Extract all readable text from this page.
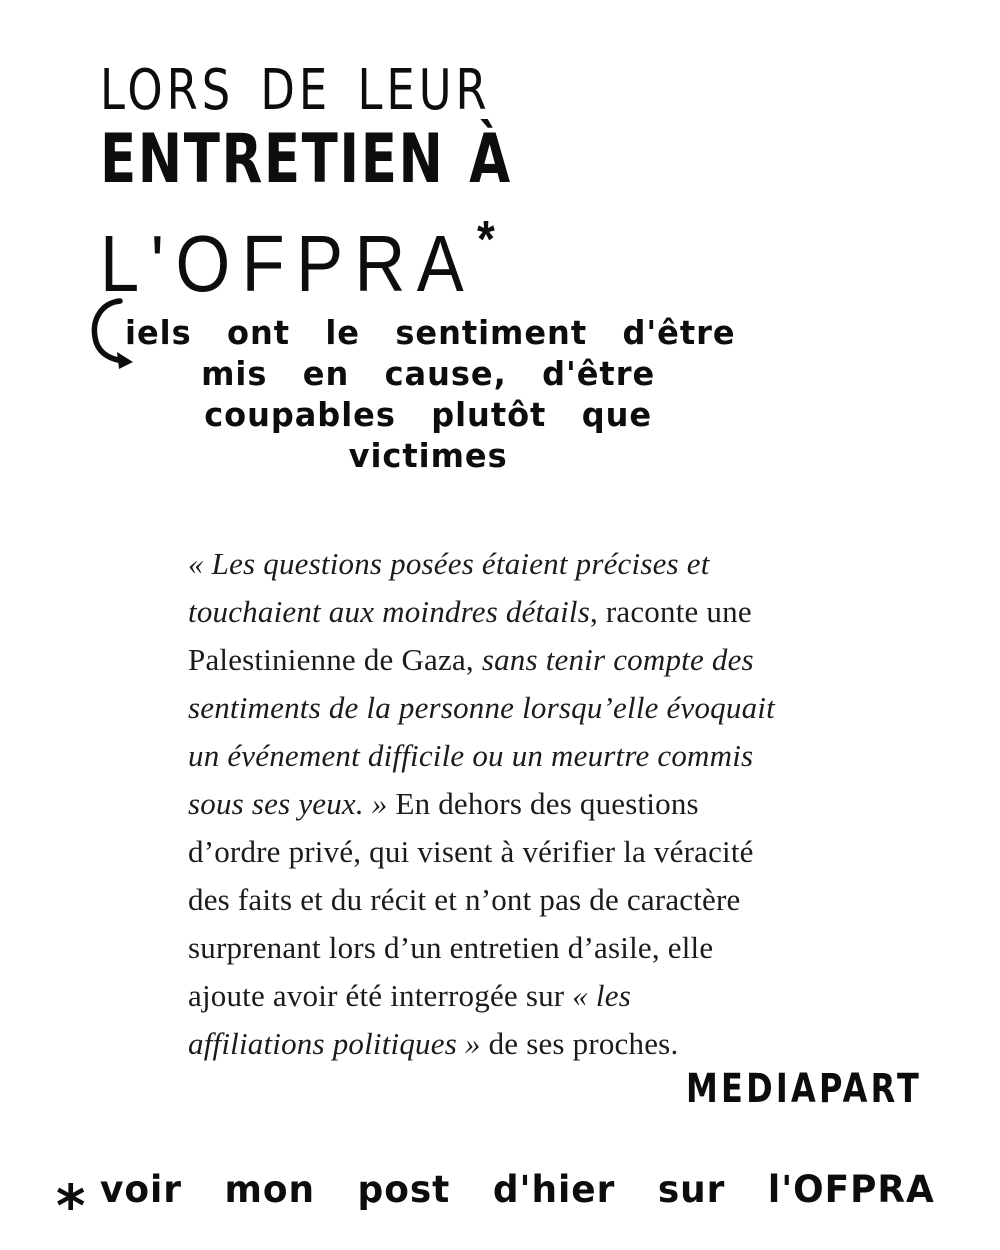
LORS DE LEUR
ENTRETIEN À
L'OFPRA*
iels ont le sentiment d'être
mis en cause, d'être
coupables plutôt que
victimes
« Les questions posées étaient précises et
touchaient aux moindres détails, raconte une
Palestinienne de Gaza, sans tenir compte des
sentiments de la personne lorsqu’elle évoquait
un événement difficile ou un meurtre commis
sous ses yeux. » En dehors des questions
d’ordre privé, qui visent à vérifier la véracité
des faits et du récit et n’ont pas de caractère
surprenant lors d’un entretien d’asile, elle
ajoute avoir été interrogée sur « les
affiliations politiques » de ses proches.
MEDIAPART
* voir mon post d'hier sur l'OFPRA
